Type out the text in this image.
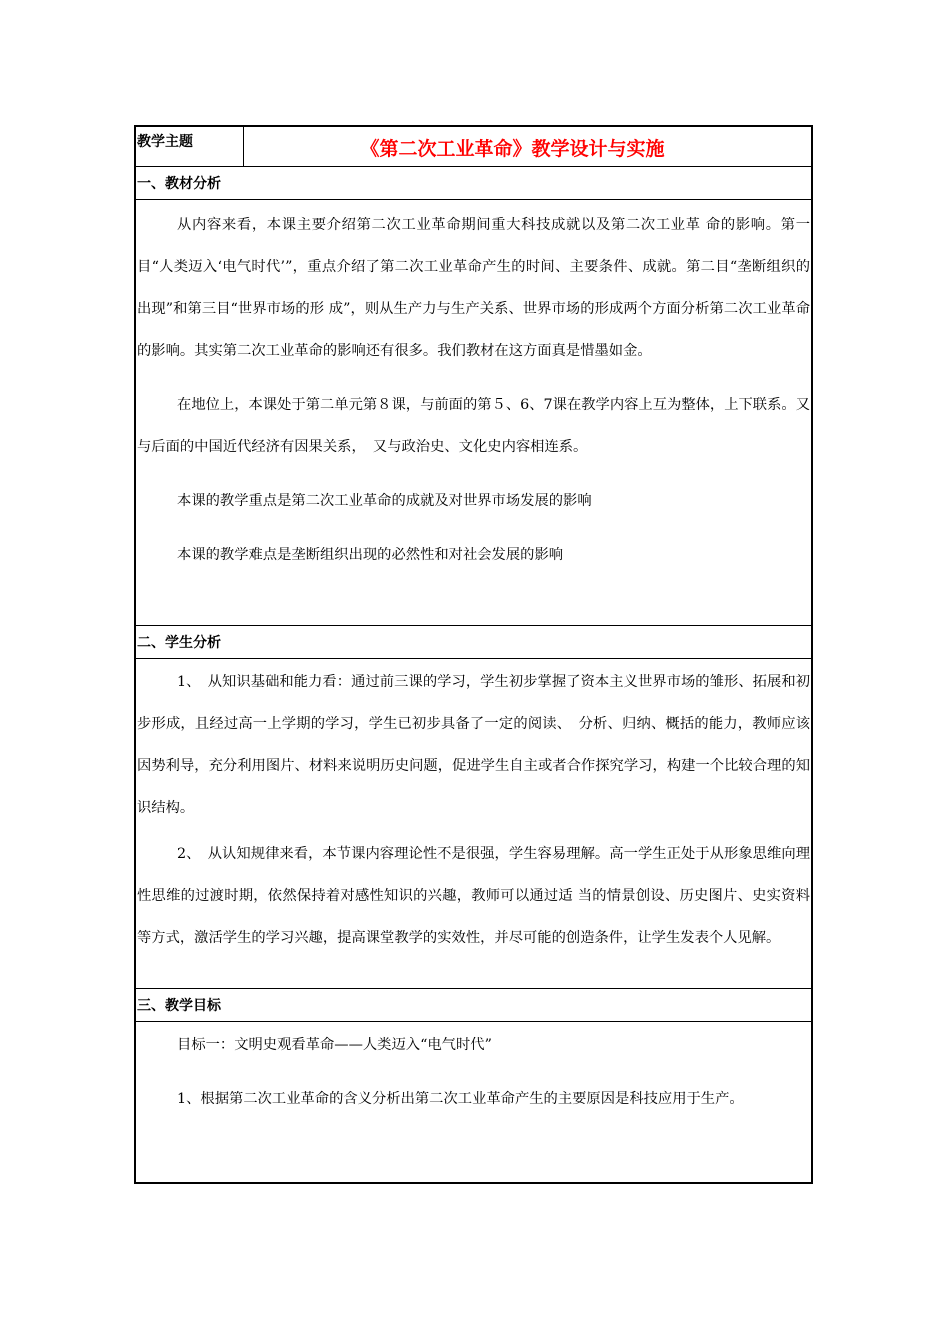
教学主题	《第二次工业革命》教学设计与实施
一、教材分析

从内容来看，本课主要介绍第二次工业革命期间重大科技成就以及第二次工业革 命的影响。第一目“人类迈入‘电气时代’”，重点介绍了第二次工业革命产生的时间、主要条件、成就。第二目“垄断组织的出现”和第三目“世界市场的形 成”，则从生产力与生产关系、世界市场的形成两个方面分析第二次工业革命的影响。其实第二次工业革命的影响还有很多。我们教材在这方面真是惜墨如金。

在地位上，本课处于第二单元第８课，与前面的第５、6、7课在教学内容上互为整体，上下联系。又与后面的中国近代经济有因果关系，　又与政治史、文化史内容相连系。

本课的教学重点是第二次工业革命的成就及对世界市场发展的影响

本课的教学难点是垄断组织出现的必然性和对社会发展的影响

二、学生分析

1、　从知识基础和能力看：通过前三课的学习，学生初步掌握了资本主义世界市场的雏形、拓展和初步形成，且经过高一上学期的学习，学生已初步具备了一定的阅读、　分析、归纳、概括的能力，教师应该因势利导，充分利用图片、材料来说明历史问题，促进学生自主或者合作探究学习，构建一个比较合理的知识结构。

2、　从认知规律来看，本节课内容理论性不是很强，学生容易理解。高一学生正处于从形象思维向理性思维的过渡时期，依然保持着对感性知识的兴趣，教师可以通过适 当的情景创设、历史图片、史实资料等方式，激活学生的学习兴趣，提高课堂教学的实效性，并尽可能的创造条件，让学生发表个人见解。

三、教学目标

目标一：文明史观看革命——人类迈入“电气时代”

1、根据第二次工业革命的含义分析出第二次工业革命产生的主要原因是科技应用于生产。
